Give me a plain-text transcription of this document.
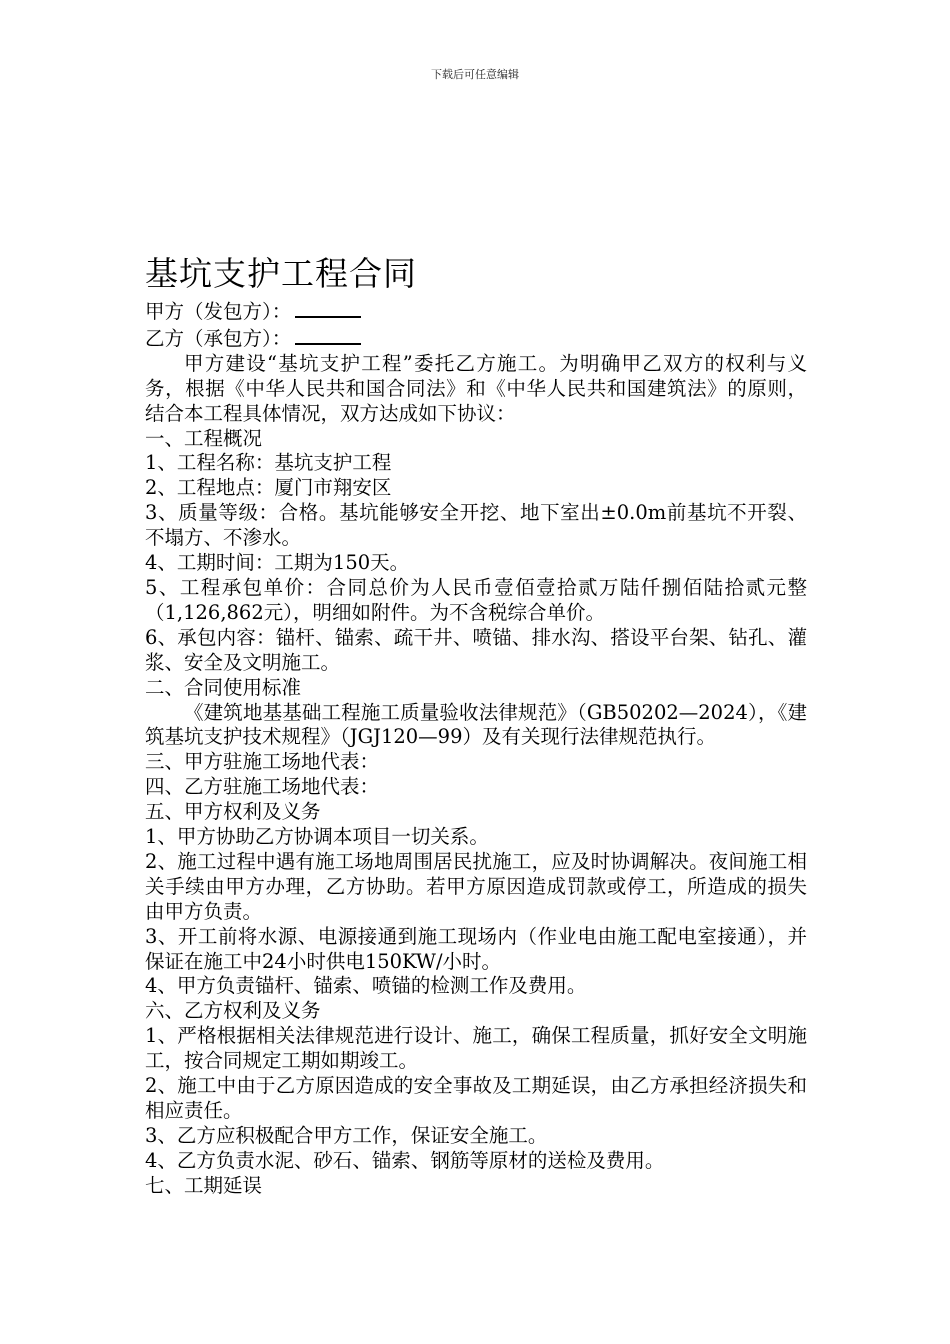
下载后可任意编辑
基坑支护工程合同

甲方（发包方）：

乙方（承包方）：

甲方建设“基坑支护工程”委托乙方施工。为明确甲乙双方的权利与义务，根据《中华人民共和国合同法》和《中华人民共和国建筑法》的原则，结合本工程具体情况，双方达成如下协议：

一、工程概况

1、工程名称：基坑支护工程

2、工程地点：厦门市翔安区

3、质量等级：合格。基坑能够安全开挖、地下室出±0.0m前基坑不开裂、不塌方、不渗水。

4、工期时间：工期为150天。

5、工程承包单价：合同总价为人民币壹佰壹拾贰万陆仟捌佰陆拾贰元整（1,126,862元），明细如附件。为不含税综合单价。

6、承包内容：锚杆、锚索、疏干井、喷锚、排水沟、搭设平台架、钻孔、灌浆、安全及文明施工。

二、合同使用标准

《建筑地基基础工程施工质量验收法律规范》（GB50202—2024），《建筑基坑支护技术规程》（JGJ120—99）及有关现行法律规范执行。

三、甲方驻施工场地代表：

四、乙方驻施工场地代表：

五、甲方权利及义务

1、甲方协助乙方协调本项目一切关系。

2、施工过程中遇有施工场地周围居民扰施工，应及时协调解决。夜间施工相关手续由甲方办理，乙方协助。若甲方原因造成罚款或停工，所造成的损失由甲方负责。

3、开工前将水源、电源接通到施工现场内（作业电由施工配电室接通），并保证在施工中24小时供电150KW/小时。

4、甲方负责锚杆、锚索、喷锚的检测工作及费用。

六、乙方权利及义务

1、严格根据相关法律规范进行设计、施工，确保工程质量，抓好安全文明施工，按合同规定工期如期竣工。

2、施工中由于乙方原因造成的安全事故及工期延误，由乙方承担经济损失和相应责任。

3、乙方应积极配合甲方工作，保证安全施工。

4、乙方负责水泥、砂石、锚索、钢筋等原材的送检及费用。

七、工期延误
